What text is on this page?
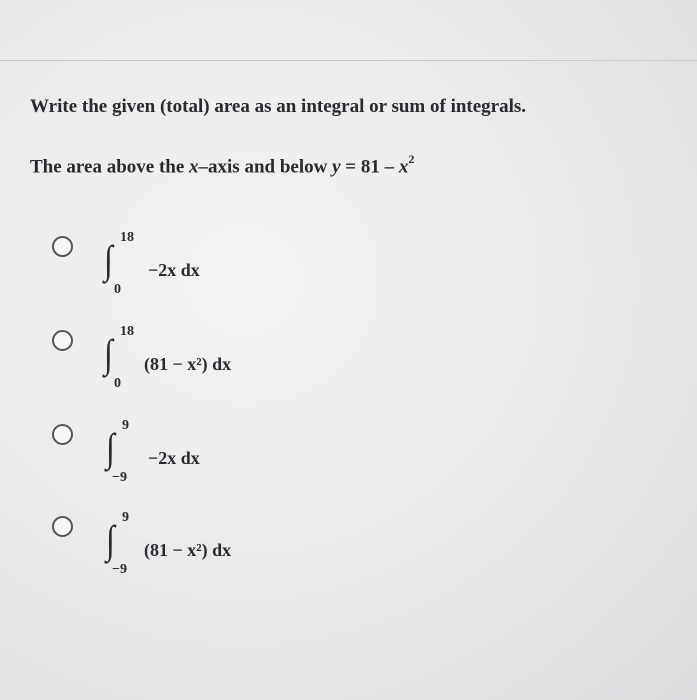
Write the given (total) area as an integral or sum of integrals.
The area above the x–axis and below $y = 81 - x^2$
∫ 18
0
−2x dx
∫ 18
0
(81 − x²) dx
∫ 9
−9
−2x dx
∫ 9
−9
(81 − x²) dx
